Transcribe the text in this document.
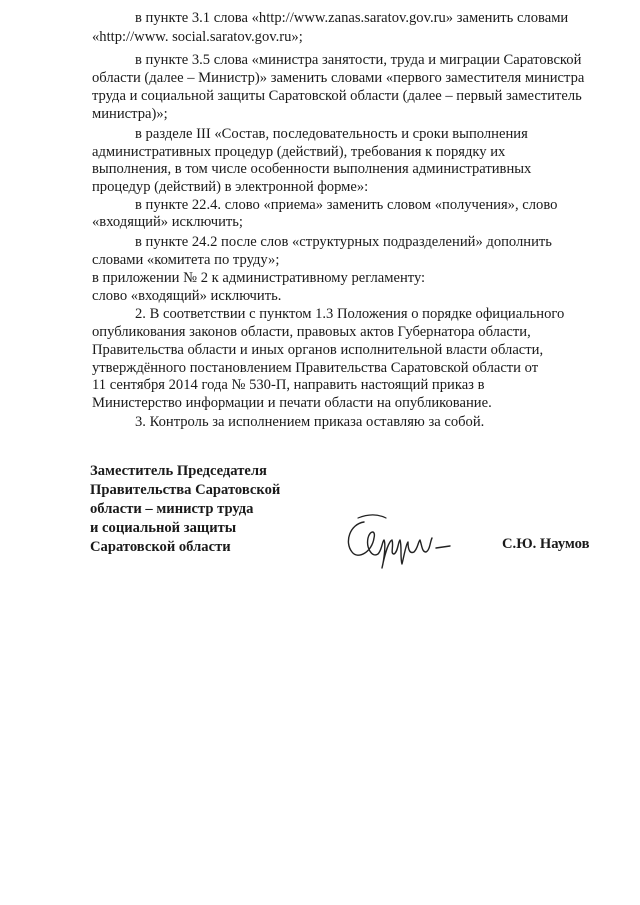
в пункте 3.1 слова «http://www.zanas.saratov.gov.ru» заменить словами

«http://www. social.saratov.gov.ru»;

в пункте 3.5 слова «министра занятости, труда и миграции Саратовской

области (далее – Министр)» заменить словами «первого заместителя министра

труда и социальной защиты Саратовской области (далее – первый заместитель

министра)»;

в разделе III «Состав, последовательность и сроки выполнения

административных процедур (действий), требования к порядку их

выполнения, в том числе особенности выполнения административных

процедур (действий) в электронной форме»:

в пункте 22.4. слово «приема» заменить словом «получения», слово

«входящий» исключить;

в пункте 24.2 после слов «структурных подразделений» дополнить

словами «комитета по труду»;

в приложении № 2 к административному регламенту:

слово «входящий» исключить.

2. В соответствии с пунктом 1.3 Положения о порядке официального

опубликования законов области, правовых актов Губернатора области,

Правительства области и иных органов исполнительной власти области,

утверждённого постановлением Правительства Саратовской области от

11 сентября 2014 года № 530-П, направить настоящий приказ в

Министерство информации и печати области на опубликование.

3. Контроль за исполнением приказа оставляю за собой.

Заместитель Председателя
Правительства Саратовской
области – министр труда
и социальной защиты
Саратовской области	С.Ю. Наумов
